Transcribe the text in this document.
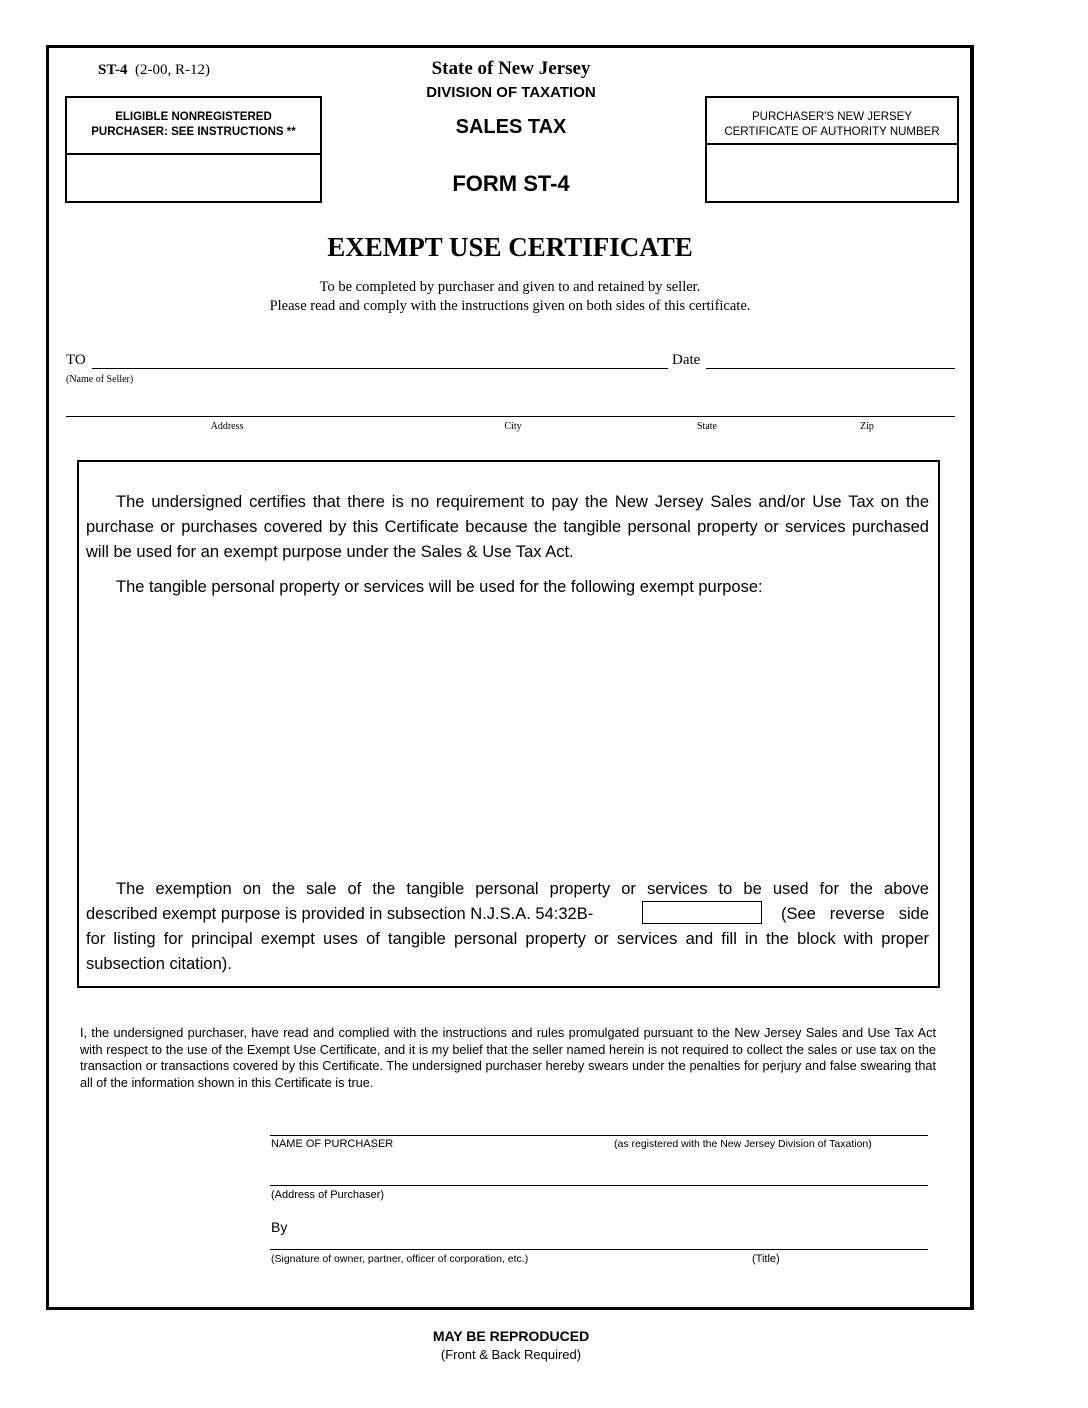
ST-4 (2-00, R-12)	State of New Jersey
DIVISION OF TAXATION
SALES TAX
FORM ST-4
ELIGIBLE NONREGISTERED
PURCHASER: SEE INSTRUCTIONS **
PURCHASER'S NEW JERSEY
CERTIFICATE OF AUTHORITY NUMBER
EXEMPT USE CERTIFICATE
To be completed by purchaser and given to and retained by seller.
Please read and comply with the instructions given on both sides of this certificate.
TO
(Name of Seller)
Date
Address	City	State	Zip
The undersigned certifies that there is no requirement to pay the New Jersey Sales and/or Use Tax on the purchase or purchases covered by this Certificate because the tangible personal property or services purchased will be used for an exempt purpose under the Sales & Use Tax Act.
The tangible personal property or services will be used for the following exempt purpose:
The exemption on the sale of the tangible personal property or services to be used for the above
described exempt purpose is provided in subsection N.J.S.A. 54:32B-	(See reverse side
for listing for principal exempt uses of tangible personal property or services and fill in the block with proper subsection citation).
I, the undersigned purchaser, have read and complied with the instructions and rules promulgated pursuant to the New Jersey Sales and Use Tax Act with respect to the use of the Exempt Use Certificate, and it is my belief that the seller named herein is not required to collect the sales or use tax on the transaction or transactions covered by this Certificate. The undersigned purchaser hereby swears under the penalties for perjury and false swearing that all of the information shown in this Certificate is true.
NAME OF PURCHASER	(as registered with the New Jersey Division of Taxation)
(Address of Purchaser)
By
(Signature of owner, partner, officer of corporation, etc.)	(Title)
MAY BE REPRODUCED
(Front & Back Required)
